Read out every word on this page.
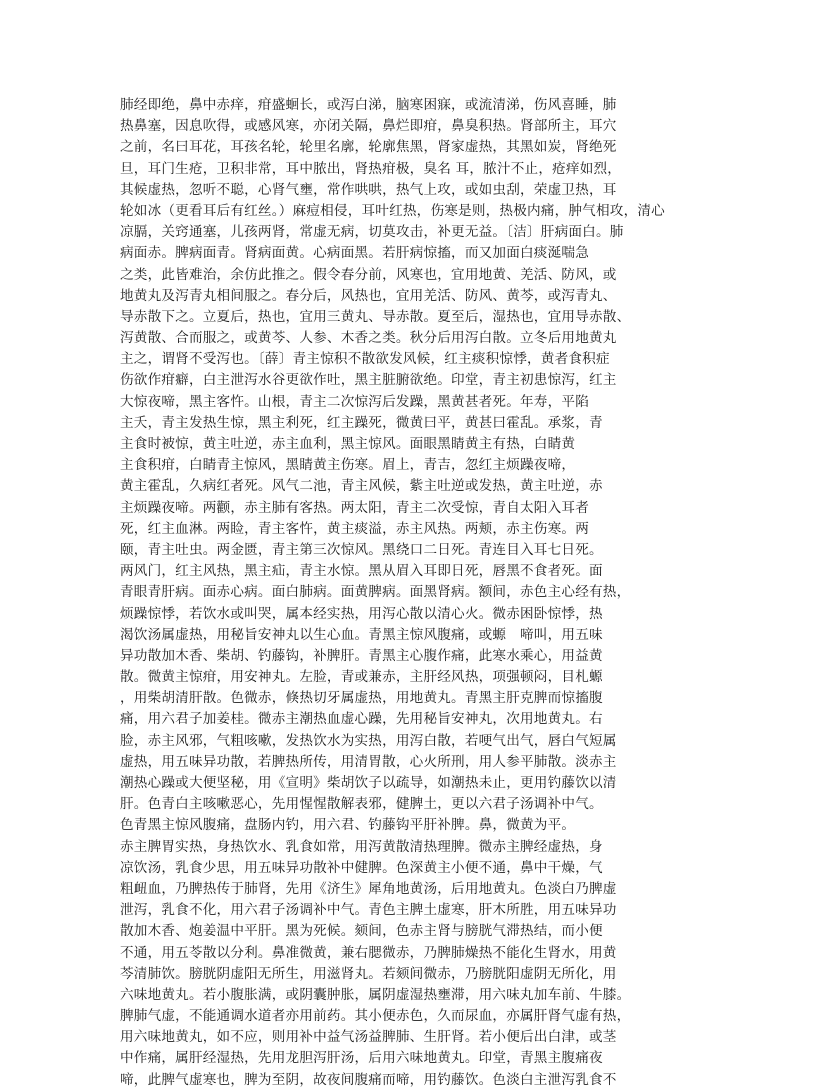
肺经即绝，鼻中赤痒，疳盛蛔长，或泻白涕，脑寒困寐，或流清涕，伤风喜睡，肺
热鼻塞，因息吹得，或感风寒，亦闭关隔，鼻烂即疳，鼻臭积热。肾部所主，耳穴
之前，名曰耳花，耳孩名轮，轮里名廓，轮廓焦黑，肾家虚热，其黑如炭，肾绝死
旦，耳门生疮，卫积非常，耳中脓出，肾热疳极，臭名 耳，脓汁不止，疮痒如烈，
其候虚热，忽听不聪，心肾气壅，常作哄哄，热气上攻，或如虫刮，荣虚卫热，耳
轮如冰（更看耳后有红丝。）麻痘相侵，耳叶红热，伤寒是则，热极内痛，肿气相攻，清心
凉膈，关窍通塞，儿孩两肾，常虚无病，切莫攻击，补更无益。〔洁〕肝病面白。肺
病面赤。脾病面青。肾病面黄。心病面黑。若肝病惊搐，而又加面白痰涎喘急
之类，此皆难治，余仿此推之。假令春分前，风寒也，宜用地黄、羌活、防风，或
地黄丸及泻青丸相间服之。春分后，风热也，宜用羌活、防风、黄芩，或泻青丸、
导赤散下之。立夏后，热也，宜用三黄丸、导赤散。夏至后，湿热也，宜用导赤散、
泻黄散、合而服之，或黄芩、人参、木香之类。秋分后用泻白散。立冬后用地黄丸
主之，谓肾不受泻也。〔薛〕青主惊积不散欲发风候，红主痰积惊悸，黄者食积症
伤欲作疳癖，白主泄泻水谷更欲作吐，黑主脏腑欲绝。印堂，青主初患惊泻，红主
大惊夜啼，黑主客忤。山根，青主二次惊泻后发躁，黑黄甚者死。年寿，平陷
主夭，青主发热生惊，黑主利死，红主躁死，微黄曰平，黄甚曰霍乱。承浆，青
主食时被惊，黄主吐逆，赤主血利，黑主惊风。面眼黑睛黄主有热，白睛黄
主食积疳，白睛青主惊风，黑睛黄主伤寒。眉上，青吉，忽红主烦躁夜啼，
黄主霍乱，久病红者死。风气二池，青主风候，紫主吐逆或发热，黄主吐逆，赤
主烦躁夜啼。两颧，赤主肺有客热。两太阳，青主二次受惊，青自太阳入耳者
死，红主血淋。两睑，青主客忤，黄主痰溢，赤主风热。两颊，赤主伤寒。两
颐，青主吐虫。两金匮，青主第三次惊风。黑绕口二日死。青连目入耳七日死。
两风门，红主风热，黑主疝，青主水惊。黑从眉入耳即日死，唇黑不食者死。面
青眼青肝病。面赤心病。面白肺病。面黄脾病。面黑肾病。额间，赤色主心经有热，
烦躁惊悸，若饮水或叫哭，属本经实热，用泻心散以清心火。微赤困卧惊悸，热
渴饮汤属虚热，用秘旨安神丸以生心血。青黑主惊风腹痛，或螈　啼叫，用五味
异功散加木香、柴胡、钓藤钩，补脾肝。青黑主心腹作痛，此寒水乘心，用益黄
散。微黄主惊疳，用安神丸。左脸，青或兼赤，主肝经风热，项强顿闷，目札螈
，用柴胡清肝散。色微赤，倏热切牙属虚热，用地黄丸。青黑主肝克脾而惊搐腹
痛，用六君子加姜桂。微赤主潮热血虚心躁，先用秘旨安神丸，次用地黄丸。右
脸，赤主风邪，气粗咳嗽，发热饮水为实热，用泻白散，若哽气出气，唇白气短属
虚热，用五味异功散，若脾热所传，用清胃散，心火所刑，用人参平肺散。淡赤主
潮热心躁或大便坚秘，用《宣明》柴胡饮子以疏导，如潮热未止，更用钓藤饮以清
肝。色青白主咳嗽恶心，先用惺惺散解表邪，健脾土，更以六君子汤调补中气。
色青黑主惊风腹痛，盘肠内钓，用六君、钓藤钩平肝补脾。鼻，微黄为平。
赤主脾胃实热，身热饮水、乳食如常，用泻黄散清热理脾。微赤主脾经虚热，身
凉饮汤，乳食少思，用五味异功散补中健脾。色深黄主小便不通，鼻中干燥，气
粗衄血，乃脾热传于肺肾，先用《济生》犀角地黄汤，后用地黄丸。色淡白乃脾虚
泄泻，乳食不化，用六君子汤调补中气。青色主脾土虚寒，肝木所胜，用五味异功
散加木香、炮姜温中平肝。黑为死候。颏间，色赤主肾与膀胱气滞热结，而小便
不通，用五苓散以分利。鼻准微黄，兼右腮微赤，乃脾肺燥热不能化生肾水，用黄
芩清肺饮。膀胱阴虚阳无所生，用滋肾丸。若颏间微赤，乃膀胱阳虚阴无所化，用
六味地黄丸。若小腹胀满，或阴囊肿胀，属阴虚湿热壅滞，用六味丸加车前、牛膝。
脾肺气虚，不能通调水道者亦用前药。其小便赤色，久而尿血，亦属肝肾气虚有热，
用六味地黄丸，如不应，则用补中益气汤益脾肺、生肝肾。若小便后出白津，或茎
中作痛，属肝经湿热，先用龙胆泻肝汤，后用六味地黄丸。印堂，青黑主腹痛夜
啼，此脾气虚寒也，脾为至阴，故夜间腹痛而啼，用钓藤饮。色淡白主泄泻乳食不
